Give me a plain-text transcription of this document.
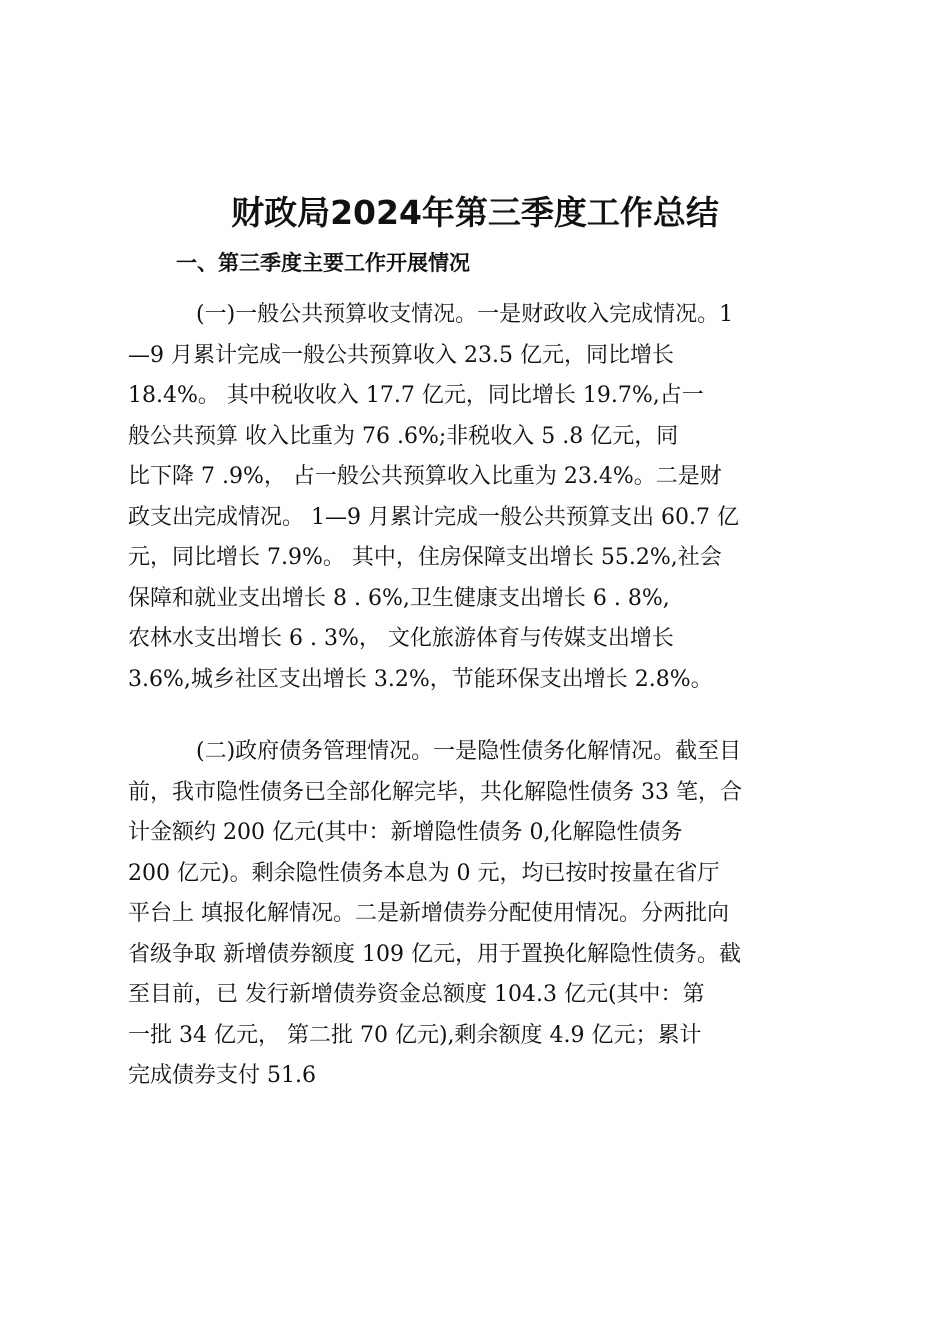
财政局2024年第三季度工作总结
一、第三季度主要工作开展情况
(一)一般公共预算收支情况。一是财政收入完成情况。1
—9 月累计完成一般公共预算收入 23.5 亿元，同比增长
18.4%。 其中税收收入 17.7 亿元，同比增长 19.7%,占一
般公共预算 收入比重为 76 .6%;非税收入 5 .8 亿元，同
比下降 7 .9%， 占一般公共预算收入比重为 23.4%。二是财
政支出完成情况。 1—9 月累计完成一般公共预算支出 60.7 亿
元，同比增长 7.9%。 其中，住房保障支出增长 55.2%,社会
保障和就业支出增长 8 . 6%,卫生健康支出增长 6 . 8%,
农林水支出增长 6 . 3%， 文化旅游体育与传媒支出增长
3.6%,城乡社区支出增长 3.2%，节能环保支出增长 2.8%。
(二)政府债务管理情况。一是隐性债务化解情况。截至目
前，我市隐性债务已全部化解完毕，共化解隐性债务 33 笔，合
计金额约 200 亿元(其中：新增隐性债务 0,化解隐性债务
200 亿元)。剩余隐性债务本息为 0 元，均已按时按量在省厅
平台上 填报化解情况。二是新增债券分配使用情况。分两批向
省级争取 新增债券额度 109 亿元，用于置换化解隐性债务。截
至目前，已 发行新增债券资金总额度 104.3 亿元(其中：第
一批 34 亿元， 第二批 70 亿元),剩余额度 4.9 亿元；累计
完成债券支付 51.6
